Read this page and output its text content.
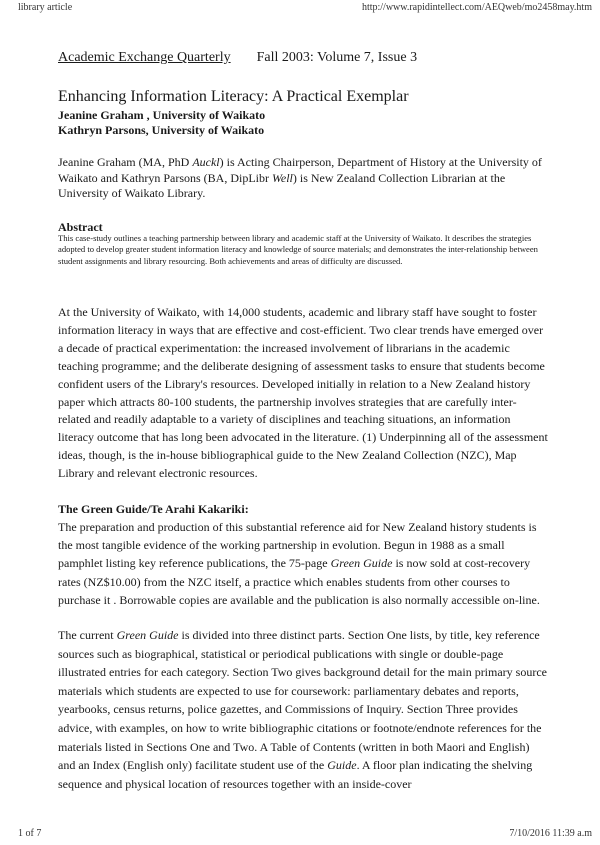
library article	http://www.rapidintellect.com/AEQweb/mo2458may.htm
Academic Exchange Quarterly Fall 2003: Volume 7, Issue 3
Enhancing Information Literacy: A Practical Exemplar
Jeanine Graham , University of Waikato
Kathryn Parsons, University of Waikato
Jeanine Graham (MA, PhD Auckl) is Acting Chairperson, Department of History at the University of Waikato and Kathryn Parsons (BA, DipLibr Well) is New Zealand Collection Librarian at the University of Waikato Library.
Abstract
This case-study outlines a teaching partnership between library and academic staff at the University of Waikato. It describes the strategies adopted to develop greater student information literacy and knowledge of source materials; and demonstrates the inter-relationship between student assignments and library resourcing. Both achievements and areas of difficulty are discussed.
At the University of Waikato, with 14,000 students, academic and library staff have sought to foster information literacy in ways that are effective and cost-efficient. Two clear trends have emerged over a decade of practical experimentation: the increased involvement of librarians in the academic teaching programme; and the deliberate designing of assessment tasks to ensure that students become confident users of the Library's resources. Developed initially in relation to a New Zealand history paper which attracts 80-100 students, the partnership involves strategies that are carefully inter-related and readily adaptable to a variety of disciplines and teaching situations, an information literacy outcome that has long been advocated in the literature. (1) Underpinning all of the assessment ideas, though, is the in-house bibliographical guide to the New Zealand Collection (NZC), Map Library and relevant electronic resources.
The Green Guide/Te Arahi Kakariki:
The preparation and production of this substantial reference aid for New Zealand history students is the most tangible evidence of the working partnership in evolution. Begun in 1988 as a small pamphlet listing key reference publications, the 75-page Green Guide is now sold at cost-recovery rates (NZ$10.00) from the NZC itself, a practice which enables students from other courses to purchase it . Borrowable copies are available and the publication is also normally accessible on-line.
The current Green Guide is divided into three distinct parts. Section One lists, by title, key reference sources such as biographical, statistical or periodical publications with single or double-page illustrated entries for each category. Section Two gives background detail for the main primary source materials which students are expected to use for coursework: parliamentary debates and reports, yearbooks, census returns, police gazettes, and Commissions of Inquiry. Section Three provides advice, with examples, on how to write bibliographic citations or footnote/endnote references for the materials listed in Sections One and Two. A Table of Contents (written in both Maori and English) and an Index (English only) facilitate student use of the Guide. A floor plan indicating the shelving sequence and physical location of resources together with an inside-cover
1 of 7	7/10/2016 11:39 a.m
